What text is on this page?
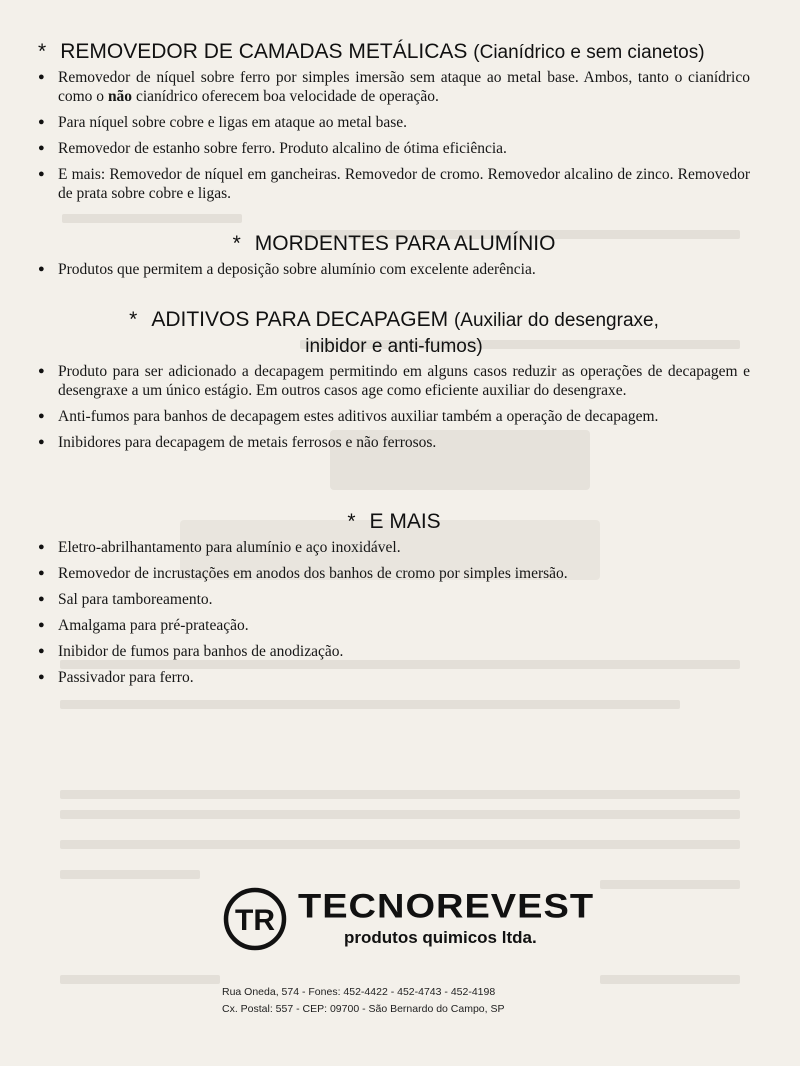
* REMOVEDOR DE CAMADAS METÁLICAS (Cianídrico e sem cianetos)
● Removedor de níquel sobre ferro por simples imersão sem ataque ao metal base. Ambos, tanto o cianídrico como o não cianídrico oferecem boa velocidade de operação.
● Para níquel sobre cobre e ligas em ataque ao metal base.
● Removedor de estanho sobre ferro. Produto alcalino de ótima eficiência.
● E mais: Removedor de níquel em gancheiras. Removedor de cromo. Removedor alcalino de zinco. Removedor de prata sobre cobre e ligas.
* MORDENTES PARA ALUMÍNIO
● Produtos que permitem a deposição sobre alumínio com excelente aderência.
* ADITIVOS PARA DECAPAGEM (Auxiliar do desengraxe,
inibidor e anti-fumos)
● Produto para ser adicionado a decapagem permitindo em alguns casos reduzir as operações de decapagem e desengraxe a um único estágio. Em outros casos age como eficiente auxiliar do desengraxe.
● Anti-fumos para banhos de decapagem estes aditivos auxiliar também a operação de decapagem.
● Inibidores para decapagem de metais ferrosos e não ferrosos.
* E MAIS
● Eletro-abrilhantamento para alumínio e aço inoxidável.
● Removedor de incrustações em anodos dos banhos de cromo por simples imersão.
● Sal para tamboreamento.
● Amalgama para pré-prateação.
● Inibidor de fumos para banhos de anodização.
● Passivador para ferro.
TR TECNOREVEST
produtos quimicos ltda.
Rua Oneda, 574 - Fones: 452-4422 - 452-4743 - 452-4198
Cx. Postal: 557 - CEP: 09700 - São Bernardo do Campo, SP
